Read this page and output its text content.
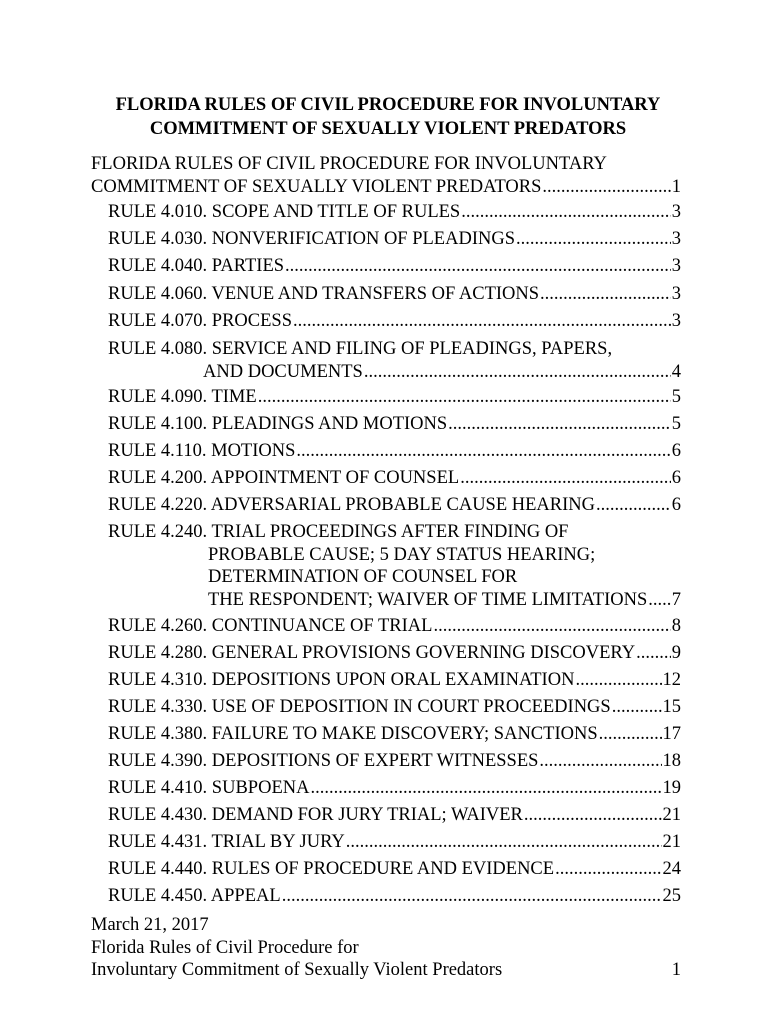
FLORIDA RULES OF CIVIL PROCEDURE FOR INVOLUNTARY
COMMITMENT OF SEXUALLY VIOLENT PREDATORS
FLORIDA RULES OF CIVIL PROCEDURE FOR INVOLUNTARY
COMMITMENT OF SEXUALLY VIOLENT PREDATORS .....	1
RULE 4.010. SCOPE AND TITLE OF RULES .....	3
RULE 4.030. NONVERIFICATION OF PLEADINGS .....	3
RULE 4.040. PARTIES .....	3
RULE 4.060. VENUE AND TRANSFERS OF ACTIONS .....	3
RULE 4.070. PROCESS .....	3
RULE 4.080. SERVICE AND FILING OF PLEADINGS, PAPERS,
AND DOCUMENTS .....	4
RULE 4.090. TIME .....	5
RULE 4.100. PLEADINGS AND MOTIONS .....	5
RULE 4.110. MOTIONS .....	6
RULE 4.200. APPOINTMENT OF COUNSEL .....	6
RULE 4.220. ADVERSARIAL PROBABLE CAUSE HEARING .....	6
RULE 4.240. TRIAL PROCEEDINGS AFTER FINDING OF
PROBABLE CAUSE; 5 DAY STATUS HEARING;
DETERMINATION OF COUNSEL FOR
THE RESPONDENT; WAIVER OF TIME LIMITATIONS ..... 7
RULE 4.260. CONTINUANCE OF TRIAL .....	8
RULE 4.280. GENERAL PROVISIONS GOVERNING DISCOVERY ..... 9
RULE 4.310. DEPOSITIONS UPON ORAL EXAMINATION .....	12
RULE 4.330. USE OF DEPOSITION IN COURT PROCEEDINGS .....	15
RULE 4.380. FAILURE TO MAKE DISCOVERY; SANCTIONS .....	17
RULE 4.390. DEPOSITIONS OF EXPERT WITNESSES .....	18
RULE 4.410. SUBPOENA .....	19
RULE 4.430. DEMAND FOR JURY TRIAL; WAIVER .....	21
RULE 4.431. TRIAL BY JURY .....	21
RULE 4.440. RULES OF PROCEDURE AND EVIDENCE .....	24
RULE 4.450. APPEAL .....	25
March 21, 2017
Florida Rules of Civil Procedure for
Involuntary Commitment of Sexually Violent Predators	1
